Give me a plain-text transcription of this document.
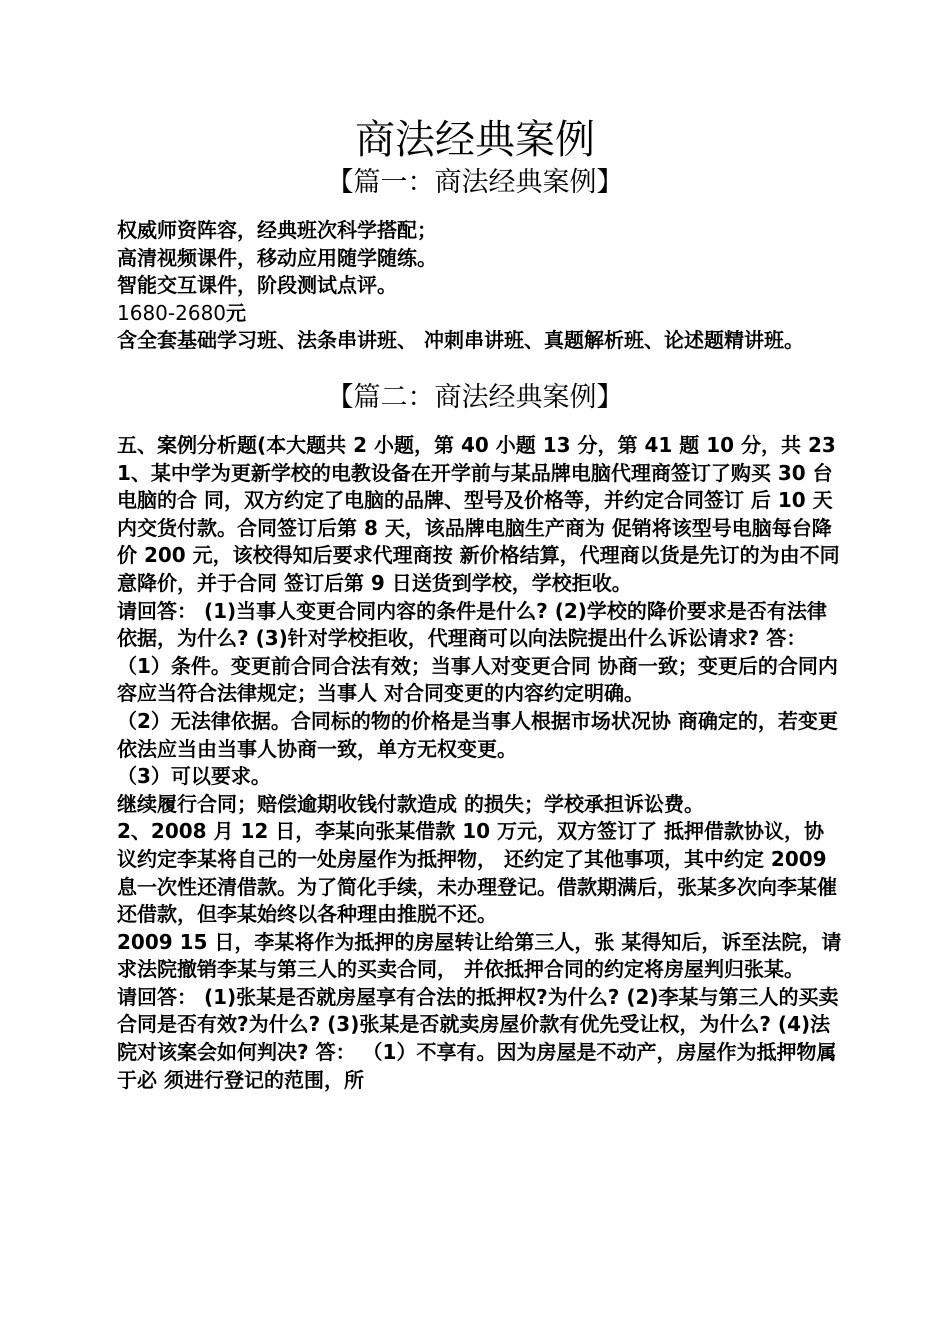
商法经典案例
【篇一：商法经典案例】
权威师资阵容，经典班次科学搭配；
高清视频课件，移动应用随学随练。
智能交互课件，阶段测试点评。
1680-2680元

含全套基础学习班、法条串讲班、 冲刺串讲班、真题解析班、论述题精讲班。

【篇二：商法经典案例】

五、案例分析题(本大题共 2 小题，第 40 小题 13 分，第 41 题 10 分，共 23 1、某中学为更新学校的电教设备在开学前与某品牌电脑代理商签订了购买 30 台电脑的合 同，双方约定了电脑的品牌、型号及价格等，并约定合同签订 后 10 天内交货付款。合同签订后第 8 天，该品牌电脑生产商为 促销将该型号电脑每台降价 200 元，该校得知后要求代理商按 新价格结算，代理商以货是先订的为由不同意降价，并于合同 签订后第 9 日送货到学校，学校拒收。

请回答： (1)当事人变更合同内容的条件是什么? (2)学校的降价要求是否有法律依据，为什么? (3)针对学校拒收，代理商可以向法院提出什么诉讼请求? 答： （1）条件。变更前合同合法有效；当事人对变更合同 协商一致；变更后的合同内容应当符合法律规定；当事人 对合同变更的内容约定明确。

（2）无法律依据。合同标的物的价格是当事人根据市场状况协 商确定的，若变更依法应当由当事人协商一致，单方无权变更。

（3）可以要求。

继续履行合同；赔偿逾期收钱付款造成 的损失；学校承担诉讼费。

2、2008 月 12 日，李某向张某借款 10 万元，双方签订了 抵押借款协议，协议约定李某将自己的一处房屋作为抵押物， 还约定了其他事项，其中约定 2009 息一次性还清借款。为了简化手续，未办理登记。借款期满后，张某多次向李某催还借款，但李某始终以各种理由推脱不还。

2009 15 日，李某将作为抵押的房屋转让给第三人，张 某得知后，诉至法院，请求法院撤销李某与第三人的买卖合同， 并依抵押合同的约定将房屋判归张某。

请回答： (1)张某是否就房屋享有合法的抵押权?为什么? (2)李某与第三人的买卖合同是否有效?为什么? (3)张某是否就卖房屋价款有优先受让权，为什么? (4)法院对该案会如何判决? 答： （1）不享有。因为房屋是不动产，房屋作为抵押物属于必 须进行登记的范围，所
